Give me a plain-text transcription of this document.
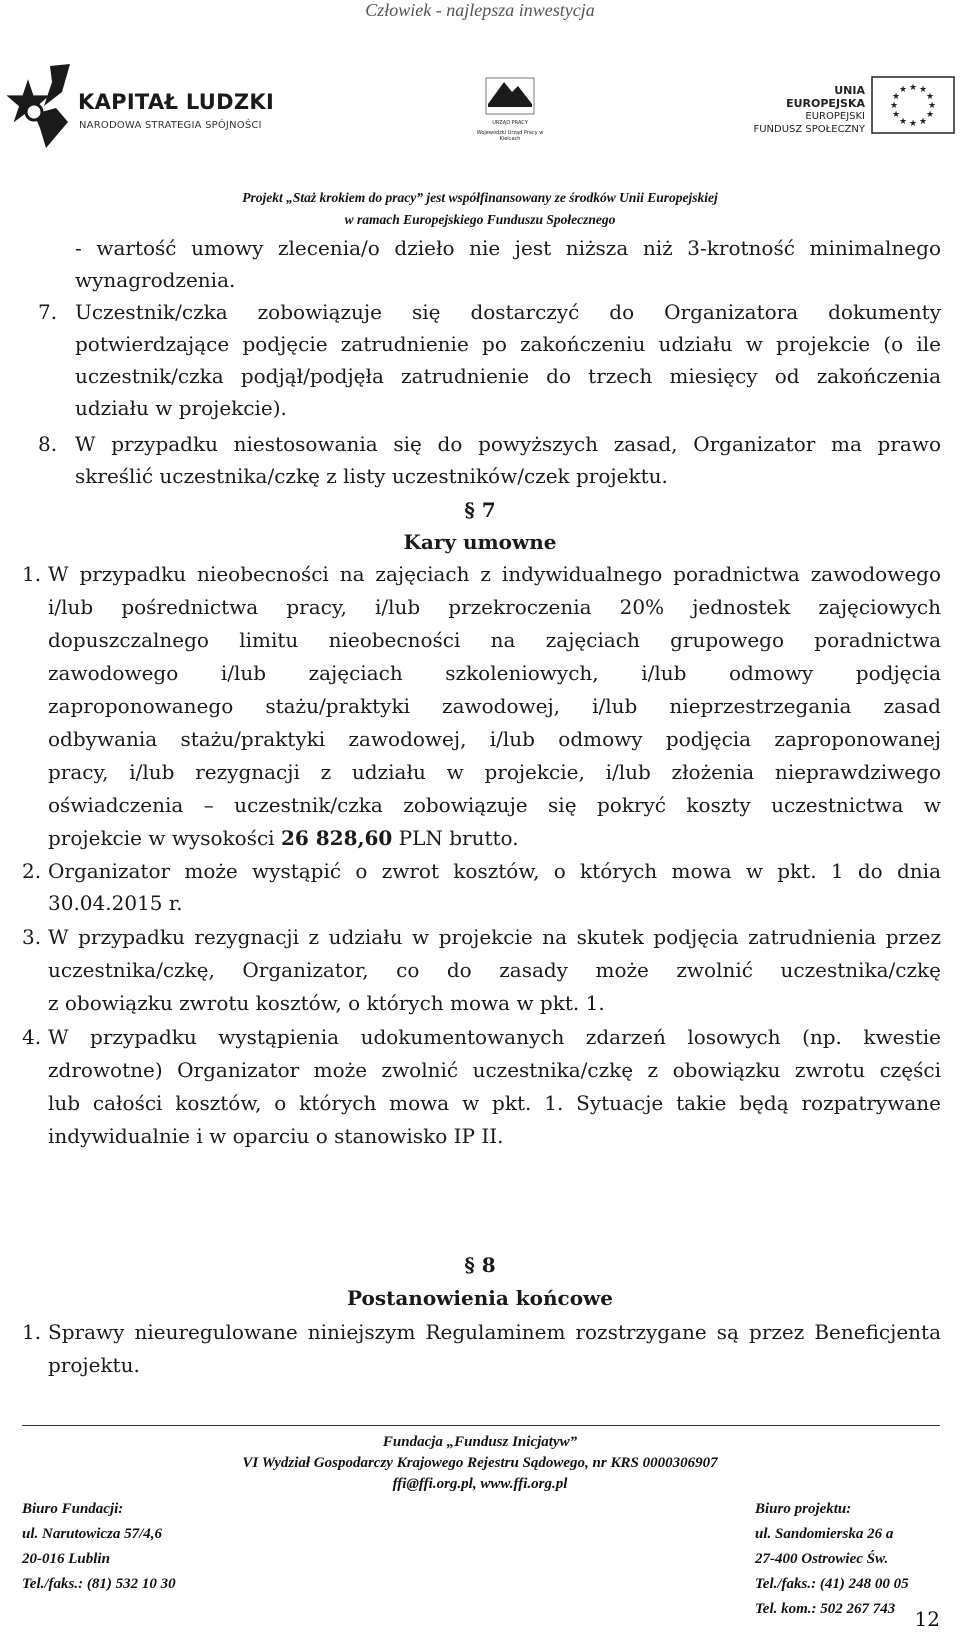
Człowiek - najlepsza inwestycja
KAPITAŁ LUDZKI
NARODOWA STRATEGIA SPÓJNOŚCI	URZĄD PRACY
Wojewódzki Urząd Pracy w Kielcach
UNIA EUROPEJSKA
EUROPEJSKI
FUNDUSZ SPOŁECZNY
★ ★
★
★
★
★
★
★
★
★
★
★
Projekt „Staż krokiem do pracy” jest współfinansowany ze środków Unii Europejskiej
w ramach Europejskiego Funduszu Społecznego
- wartość umowy zlecenia/o dzieło nie jest niższa niż 3-krotność minimalnego
wynagrodzenia.
7. Uczestnik/czka zobowiązuje się dostarczyć do Organizatora dokumenty
potwierdzające podjęcie zatrudnienie po zakończeniu udziału w projekcie (o ile
uczestnik/czka podjął/podjęła zatrudnienie do trzech miesięcy od zakończenia
udziału w projekcie).
8. W przypadku niestosowania się do powyższych zasad, Organizator ma prawo
skreślić uczestnika/czkę z listy uczestników/czek projektu.
§ 7
Kary umowne
1. W przypadku nieobecności na zajęciach z indywidualnego poradnictwa zawodowego
i/lub pośrednictwa pracy, i/lub przekroczenia 20% jednostek zajęciowych
dopuszczalnego limitu nieobecności na zajęciach grupowego poradnictwa
zawodowego i/lub zajęciach szkoleniowych, i/lub odmowy podjęcia
zaproponowanego stażu/praktyki zawodowej, i/lub nieprzestrzegania zasad
odbywania stażu/praktyki zawodowej, i/lub odmowy podjęcia zaproponowanej
pracy, i/lub rezygnacji z udziału w projekcie, i/lub złożenia nieprawdziwego
oświadczenia – uczestnik/czka zobowiązuje się pokryć koszty uczestnictwa w
projekcie w wysokości 26 828,60 PLN brutto.
2. Organizator może wystąpić o zwrot kosztów, o których mowa w pkt. 1 do dnia
30.04.2015 r.
3. W przypadku rezygnacji z udziału w projekcie na skutek podjęcia zatrudnienia przez
uczestnika/czkę, Organizator, co do zasady może zwolnić uczestnika/czkę
z obowiązku zwrotu kosztów, o których mowa w pkt. 1.
4. W przypadku wystąpienia udokumentowanych zdarzeń losowych (np. kwestie
zdrowotne) Organizator może zwolnić uczestnika/czkę z obowiązku zwrotu części
lub całości kosztów, o których mowa w pkt. 1. Sytuacje takie będą rozpatrywane
indywidualnie i w oparciu o stanowisko IP II.
§ 8
Postanowienia końcowe
1. Sprawy nieuregulowane niniejszym Regulaminem rozstrzygane są przez Beneficjenta
projektu.
Fundacja „Fundusz Inicjatyw”
VI Wydział Gospodarczy Krajowego Rejestru Sądowego, nr KRS 0000306907
ffi@ffi.org.pl, www.ffi.org.pl
Biuro Fundacji:
ul. Narutowicza 57/4,6
20-016 Lublin
Tel./faks.: (81) 532 10 30
Biuro projektu:
ul. Sandomierska 26 a
27-400 Ostrowiec Św.
Tel./faks.: (41) 248 00 05
Tel. kom.: 502 267 743 12
